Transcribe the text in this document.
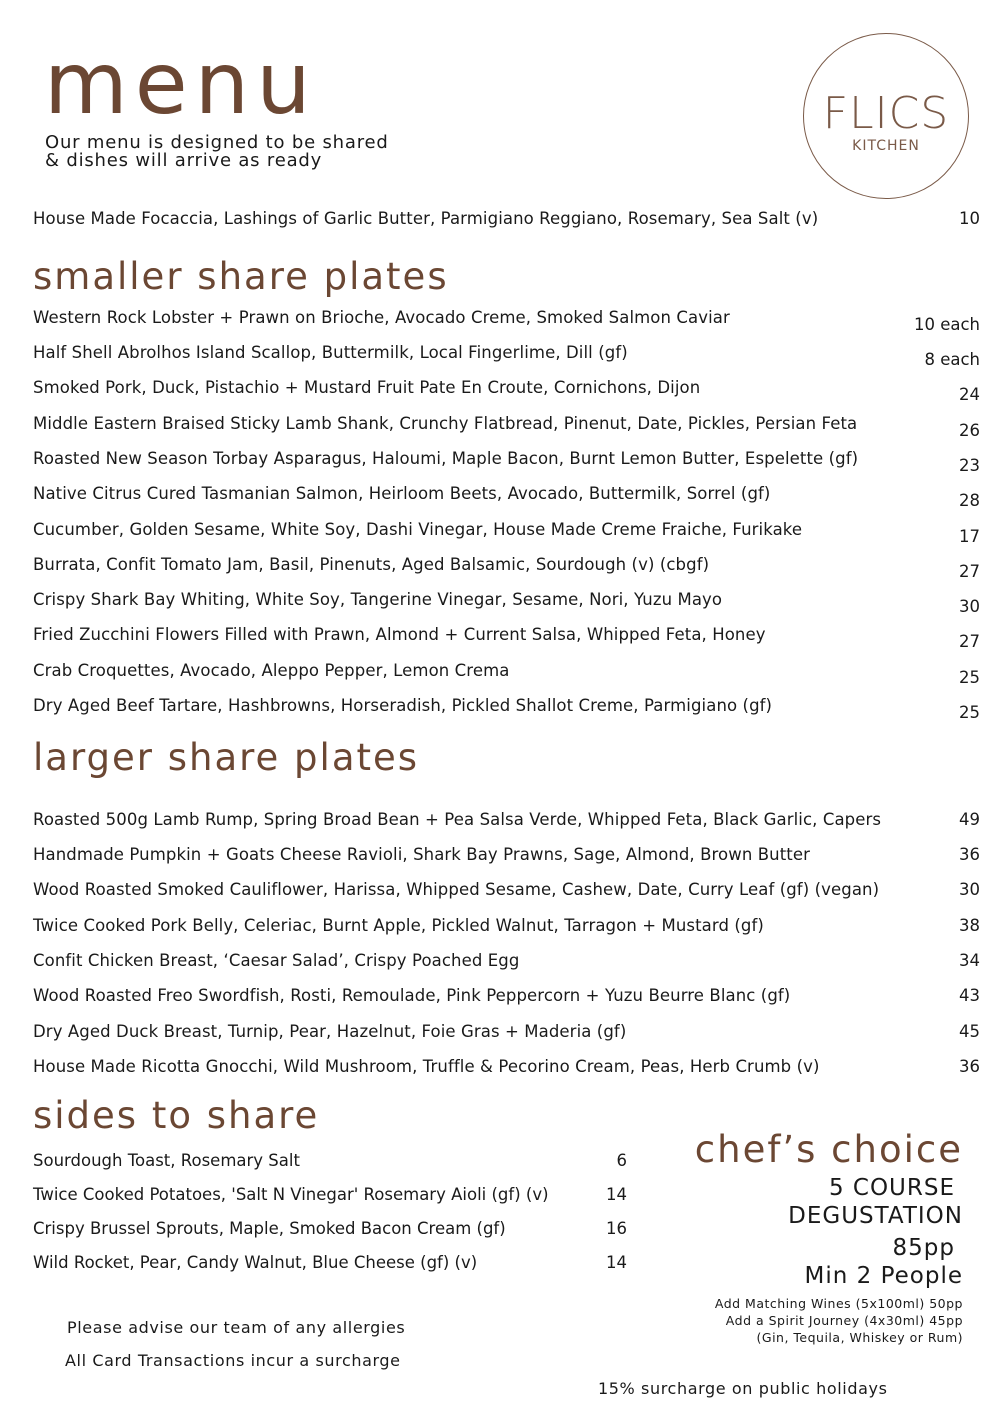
menu
Our menu is designed to be shared
& dishes will arrive as ready
FLICS
KITCHEN
House Made Focaccia, Lashings of Garlic Butter, Parmigiano Reggiano, Rosemary, Sea Salt (v)	10
smaller share plates
Western Rock Lobster + Prawn on Brioche, Avocado Creme, Smoked Salmon Caviar	10 each
Half Shell Abrolhos Island Scallop, Buttermilk, Local Fingerlime, Dill (gf)	8 each
Smoked Pork, Duck, Pistachio + Mustard Fruit Pate En Croute, Cornichons, Dijon	24
Middle Eastern Braised Sticky Lamb Shank, Crunchy Flatbread, Pinenut, Date, Pickles, Persian Feta	26
Roasted New Season Torbay Asparagus, Haloumi, Maple Bacon, Burnt Lemon Butter, Espelette (gf)	23
Native Citrus Cured Tasmanian Salmon, Heirloom Beets, Avocado, Buttermilk, Sorrel (gf)	28
Cucumber, Golden Sesame, White Soy, Dashi Vinegar, House Made Creme Fraiche, Furikake	17
Burrata, Confit Tomato Jam, Basil, Pinenuts, Aged Balsamic, Sourdough (v) (cbgf)	27
Crispy Shark Bay Whiting, White Soy, Tangerine Vinegar, Sesame, Nori, Yuzu Mayo	30
Fried Zucchini Flowers Filled with Prawn, Almond + Current Salsa, Whipped Feta, Honey	27
Crab Croquettes, Avocado, Aleppo Pepper, Lemon Crema	25
Dry Aged Beef Tartare, Hashbrowns, Horseradish, Pickled Shallot Creme, Parmigiano (gf)	25
larger share plates
Roasted 500g Lamb Rump, Spring Broad Bean + Pea Salsa Verde, Whipped Feta, Black Garlic, Capers	49
Handmade Pumpkin + Goats Cheese Ravioli, Shark Bay Prawns, Sage, Almond, Brown Butter	36
Wood Roasted Smoked Cauliflower, Harissa, Whipped Sesame, Cashew, Date, Curry Leaf (gf) (vegan)	30
Twice Cooked Pork Belly, Celeriac, Burnt Apple, Pickled Walnut, Tarragon + Mustard (gf)	38
Confit Chicken Breast, ‘Caesar Salad’, Crispy Poached Egg	34
Wood Roasted Freo Swordfish, Rosti, Remoulade, Pink Peppercorn + Yuzu Beurre Blanc (gf)	43
Dry Aged Duck Breast, Turnip, Pear, Hazelnut, Foie Gras + Maderia (gf)	45
House Made Ricotta Gnocchi, Wild Mushroom, Truffle & Pecorino Cream, Peas, Herb Crumb (v)	36
sides to share
Sourdough Toast, Rosemary Salt	6
Twice Cooked Potatoes, 'Salt N Vinegar' Rosemary Aioli (gf) (v)	14
Crispy Brussel Sprouts, Maple, Smoked Bacon Cream (gf)	16
Wild Rocket, Pear, Candy Walnut, Blue Cheese (gf) (v)	14
chef’s choice
5 COURSE
DEGUSTATION
85pp
Min 2 People
Add Matching Wines (5x100ml) 50pp
Add a Spirit Journey (4x30ml) 45pp
(Gin, Tequila, Whiskey or Rum)
Please advise our team of any allergies
All Card Transactions incur a surcharge
15% surcharge on public holidays
